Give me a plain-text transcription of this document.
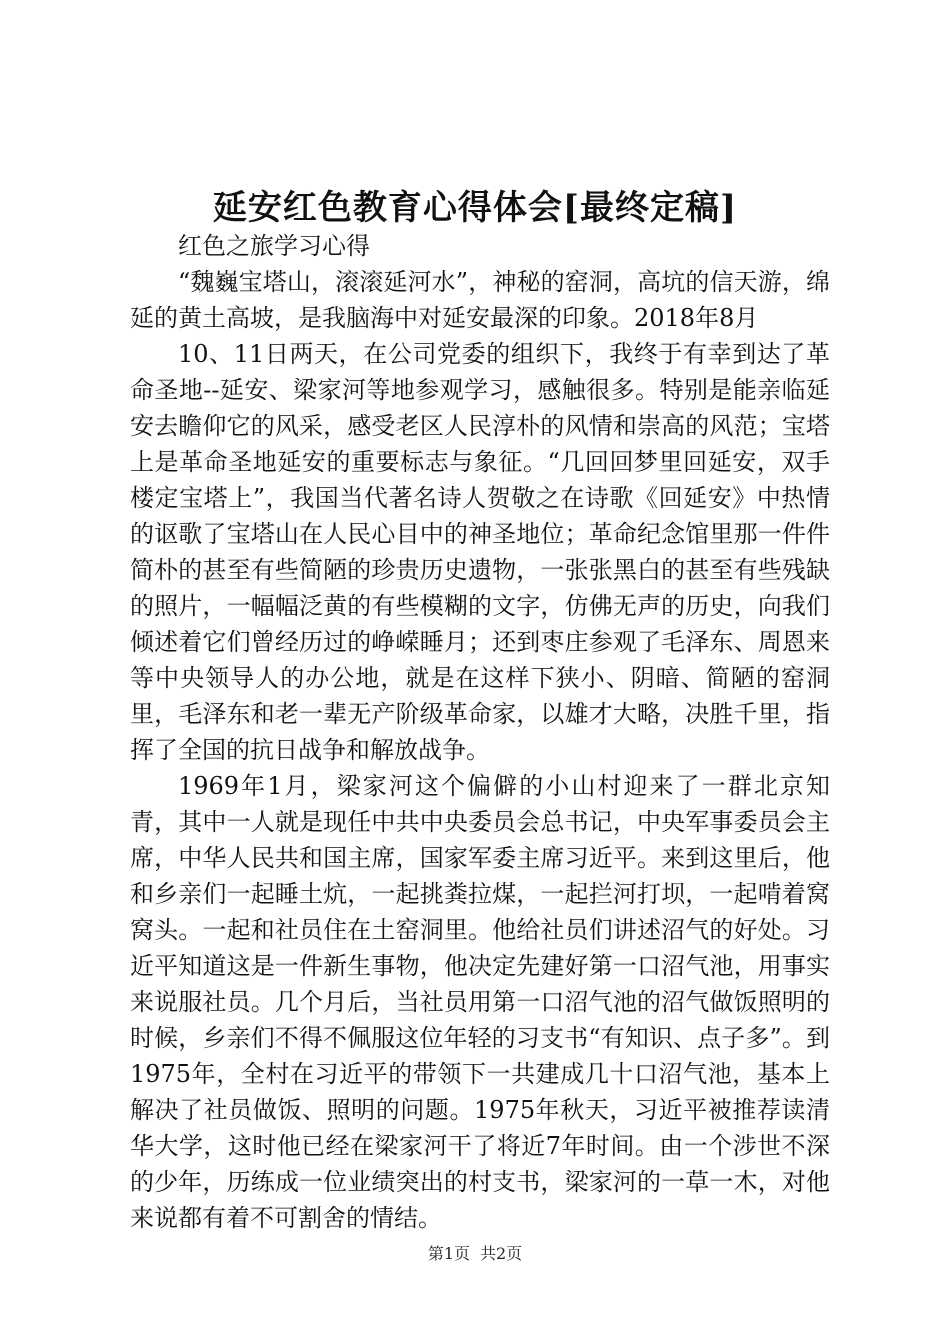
延安红色教育心得体会[最终定稿]

红色之旅学习心得

“魏巍宝塔山，滚滚延河水”，神秘的窑洞，高坑的信天游，绵延的黄土高坡，是我脑海中对延安最深的印象。2018年8月

10、11日两天，在公司党委的组织下，我终于有幸到达了革命圣地--延安、梁家河等地参观学习，感触很多。特别是能亲临延安去瞻仰它的风采，感受老区人民淳朴的风情和崇高的风范；宝塔上是革命圣地延安的重要标志与象征。“几回回梦里回延安，双手楼定宝塔上”，我国当代著名诗人贺敬之在诗歌《回延安》中热情的讴歌了宝塔山在人民心目中的神圣地位；革命纪念馆里那一件件简朴的甚至有些简陋的珍贵历史遗物，一张张黑白的甚至有些残缺的照片，一幅幅泛黄的有些模糊的文字，仿佛无声的历史，向我们倾述着它们曾经历过的峥嵘睡月；还到枣庄参观了毛泽东、周恩来等中央领导人的办公地，就是在这样下狭小、阴暗、简陋的窑洞里，毛泽东和老一辈无产阶级革命家，以雄才大略，决胜千里，指挥了全国的抗日战争和解放战争。

1969年1月，梁家河这个偏僻的小山村迎来了一群北京知青，其中一人就是现任中共中央委员会总书记，中央军事委员会主席，中华人民共和国主席，国家军委主席习近平。来到这里后，他和乡亲们一起睡土炕，一起挑粪拉煤，一起拦河打坝，一起啃着窝窝头。一起和社员住在土窑洞里。他给社员们讲述沼气的好处。习近平知道这是一件新生事物，他决定先建好第一口沼气池，用事实来说服社员。几个月后，当社员用第一口沼气池的沼气做饭照明的时候，乡亲们不得不佩服这位年轻的习支书“有知识、点子多”。到1975年，全村在习近平的带领下一共建成几十口沼气池，基本上解决了社员做饭、照明的问题。1975年秋天，习近平被推荐读清华大学，这时他已经在梁家河干了将近7年时间。由一个涉世不深的少年，历练成一位业绩突出的村支书，梁家河的一草一木，对他来说都有着不可割舍的情结。

第1页 共2页
